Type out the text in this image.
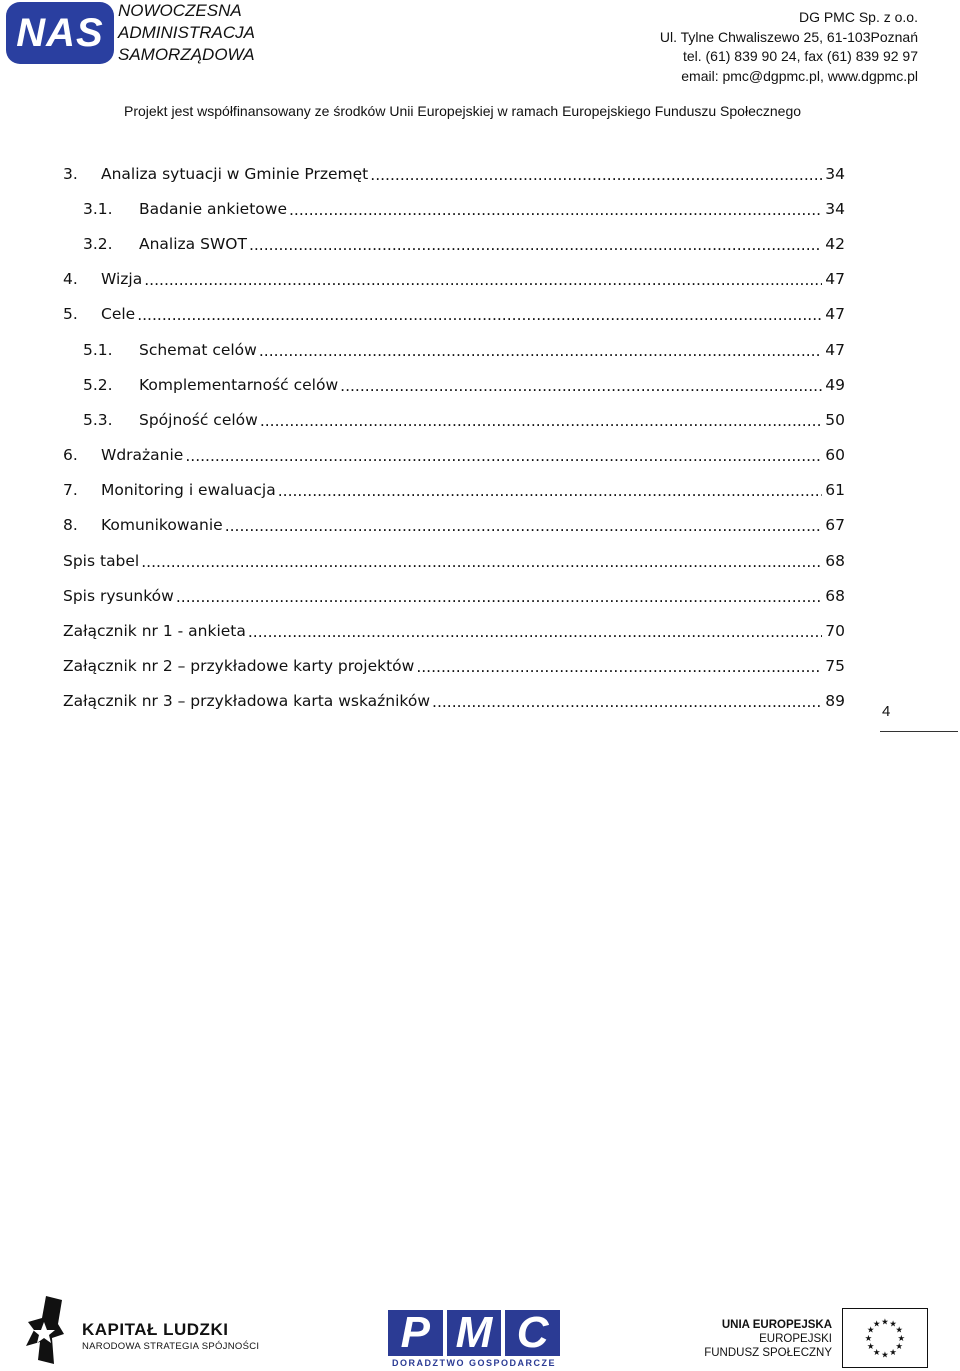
NAS
NOWOCZESNA
ADMINISTRACJA
SAMORZĄDOWA
DG PMC Sp. z o.o.
Ul. Tylne Chwaliszewo 25, 61-103Poznań
tel. (61) 839 90 24, fax (61) 839 92 97
email: pmc@dgpmc.pl, www.dgpmc.pl
Projekt jest współfinansowany ze środków Unii Europejskiej w ramach Europejskiego Funduszu Społecznego
3. Analiza sytuacji w Gminie Przemęt .....	34
3.1. Badanie ankietowe .....	34
3.2. Analiza SWOT .....	42
4. Wizja .....	47
5. Cele .....	47
5.1. Schemat celów .....	47
5.2. Komplementarność celów .....	49
5.3. Spójność celów .....	50
6. Wdrażanie .....	60
7. Monitoring i ewaluacja .....	61
8. Komunikowanie .....	67
Spis tabel .....	68
Spis rysunków .....	68
Załącznik nr 1 - ankieta .....	70
Załącznik nr 2 – przykładowe karty projektów .....	75
Załącznik nr 3 – przykładowa karta wskaźników .....	89
4
KAPITAŁ LUDZKI
NARODOWA STRATEGIA SPÓJNOŚCI	P M C
DORADZTWO GOSPODARCZE
UNIA EUROPEJSKA
EUROPEJSKI
FUNDUSZ SPOŁECZNY
★
★
★
★
★
★
★
★
★ ★ ★
★
